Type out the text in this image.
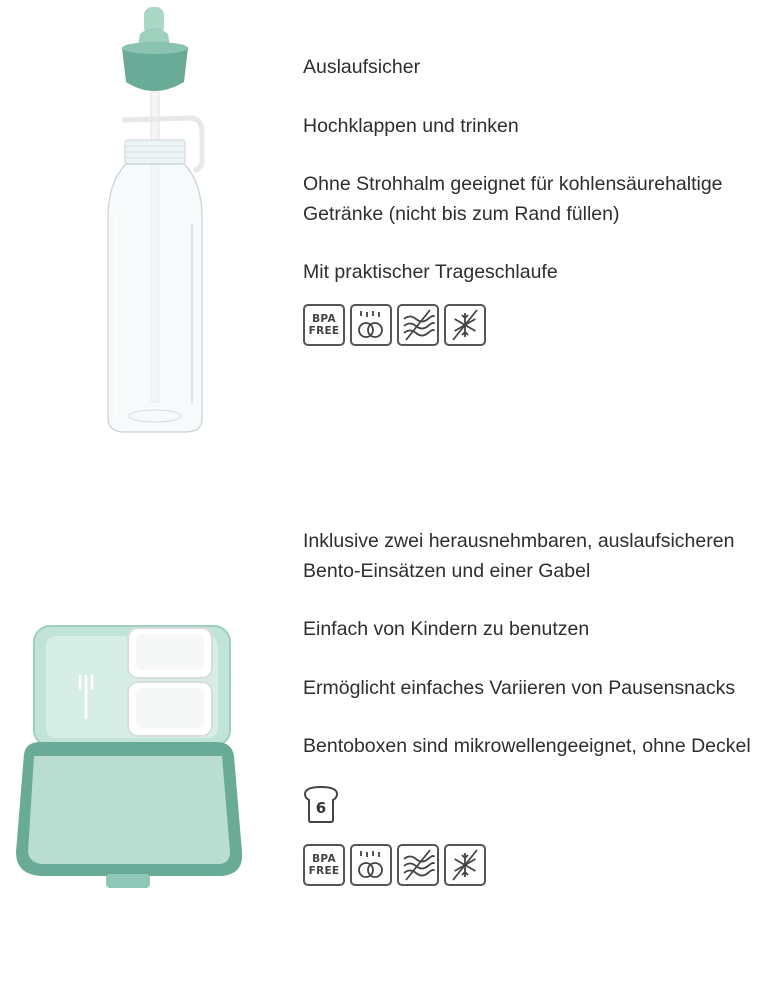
Auslaufsicher

Hochklappen und trinken

Ohne Strohhalm geeignet für kohlensäurehaltige Getränke (nicht bis zum Rand füllen)

Mit praktischer Trageschlaufe

BPA
FREE

Inklusive zwei herausnehmbaren, auslaufsicheren Bento-Einsätzen und einer Gabel

Einfach von Kindern zu benutzen

Ermöglicht einfaches Variieren von Pausensnacks

Bentoboxen sind mikrowellengeeignet, ohne Deckel

6
BPA
FREE
